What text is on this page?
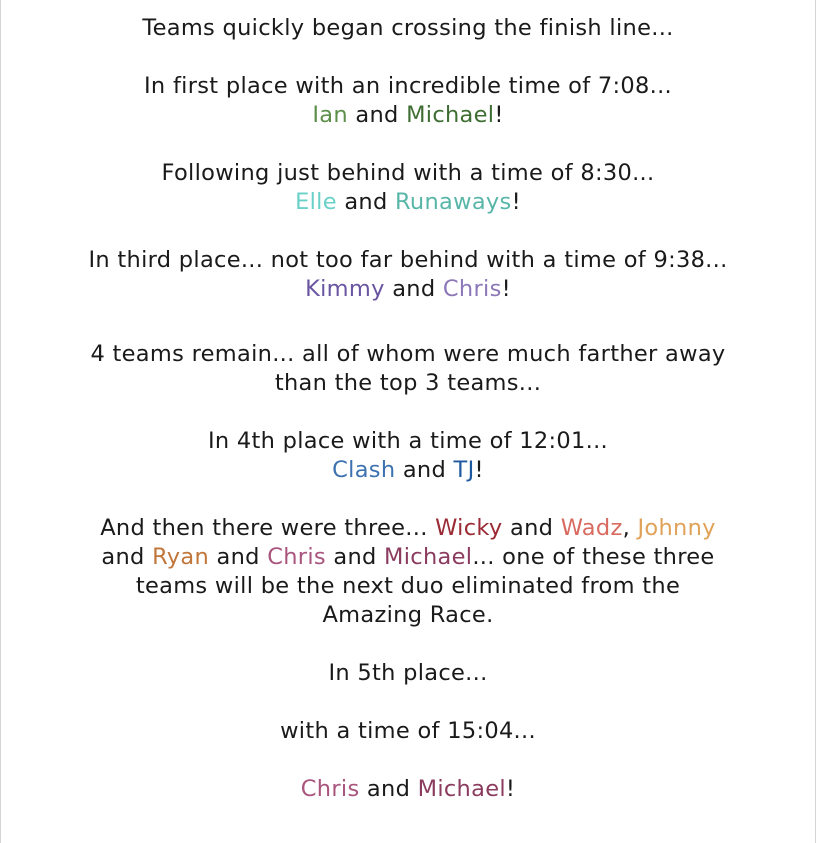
Teams quickly began crossing the finish line...

In first place with an incredible time of 7:08...
Ian and Michael!

Following just behind with a time of 8:30...
Elle and Runaways!

In third place... not too far behind with a time of 9:38...
Kimmy and Chris!

4 teams remain... all of whom were much farther away than the top 3 teams...

In 4th place with a time of 12:01...
Clash and TJ!

And then there were three... Wicky and Wadz, Johnny and Ryan and Chris and Michael... one of these three teams will be the next duo eliminated from the Amazing Race.

In 5th place...

with a time of 15:04...

Chris and Michael!
